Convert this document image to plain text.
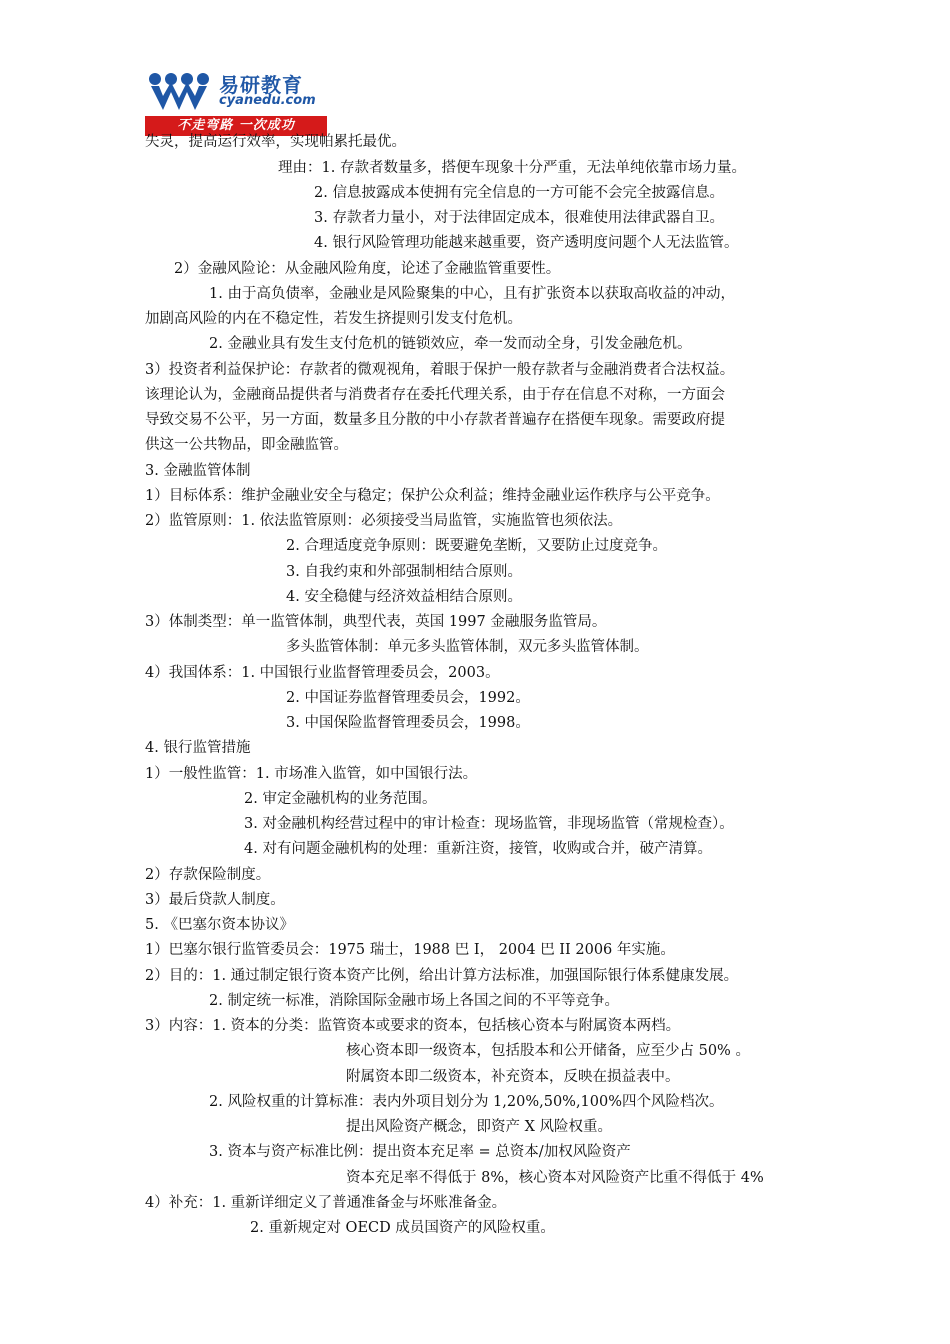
易研教育
cyanedu.com
不走弯路 一次成功
失灵，提高运行效率，实现帕累托最优。
理由：1. 存款者数量多，搭便车现象十分严重，无法单纯依靠市场力量。
2. 信息披露成本使拥有完全信息的一方可能不会完全披露信息。
3. 存款者力量小，对于法律固定成本，很难使用法律武器自卫。
4. 银行风险管理功能越来越重要，资产透明度问题个人无法监管。
2）金融风险论：从金融风险角度，论述了金融监管重要性。
1. 由于高负债率，金融业是风险聚集的中心，且有扩张资本以获取高收益的冲动，
加剧高风险的内在不稳定性，若发生挤提则引发支付危机。
2. 金融业具有发生支付危机的链锁效应，牵一发而动全身，引发金融危机。
3）投资者利益保护论：存款者的微观视角，着眼于保护一般存款者与金融消费者合法权益。
该理论认为，金融商品提供者与消费者存在委托代理关系，由于存在信息不对称，一方面会
导致交易不公平，另一方面，数量多且分散的中小存款者普遍存在搭便车现象。需要政府提
供这一公共物品，即金融监管。
3. 金融监管体制
1）目标体系：维护金融业安全与稳定；保护公众利益；维持金融业运作秩序与公平竞争。
2）监管原则：1. 依法监管原则：必须接受当局监管，实施监管也须依法。
2. 合理适度竞争原则：既要避免垄断，又要防止过度竞争。
3. 自我约束和外部强制相结合原则。
4. 安全稳健与经济效益相结合原则。
3）体制类型：单一监管体制，典型代表，英国 1997 金融服务监管局。
多头监管体制：单元多头监管体制，双元多头监管体制。
4）我国体系：1. 中国银行业监督管理委员会，2003。
2. 中国证券监督管理委员会，1992。
3. 中国保险监督管理委员会，1998。
4. 银行监管措施
1）一般性监管：1. 市场准入监管，如中国银行法。
2. 审定金融机构的业务范围。
3. 对金融机构经营过程中的审计检查：现场监管，非现场监管（常规检查）。
4. 对有问题金融机构的处理：重新注资，接管，收购或合并，破产清算。
2）存款保险制度。
3）最后贷款人制度。
5. 《巴塞尔资本协议》
1）巴塞尔银行监管委员会：1975 瑞士，1988 巴 I， 2004 巴 II 2006 年实施。
2）目的：1. 通过制定银行资本资产比例，给出计算方法标准，加强国际银行体系健康发展。
2. 制定统一标准，消除国际金融市场上各国之间的不平等竞争。
3）内容：1. 资本的分类：监管资本或要求的资本，包括核心资本与附属资本两档。
核心资本即一级资本，包括股本和公开储备，应至少占 50% 。
附属资本即二级资本，补充资本，反映在损益表中。
2. 风险权重的计算标准：表内外项目划分为 1,20%,50%,100%四个风险档次。
提出风险资产概念，即资产 X 风险权重。
3. 资本与资产标准比例：提出资本充足率 = 总资本/加权风险资产
资本充足率不得低于 8%，核心资本对风险资产比重不得低于 4%
4）补充：1. 重新详细定义了普通准备金与坏账准备金。
2. 重新规定对 OECD 成员国资产的风险权重。
